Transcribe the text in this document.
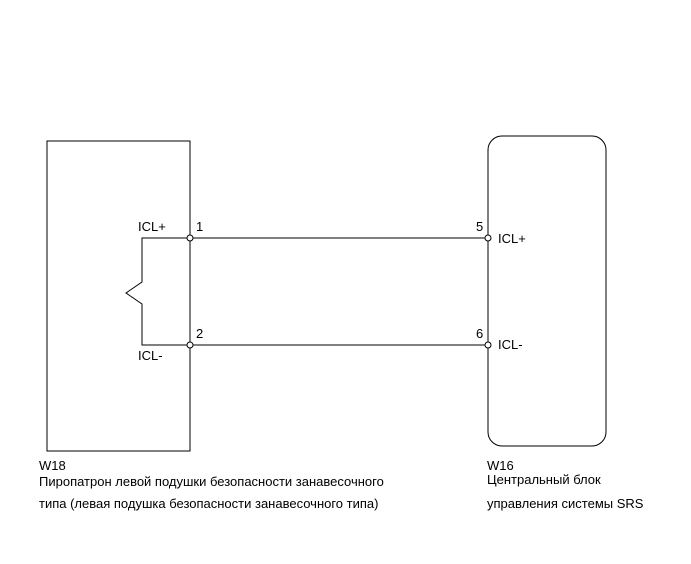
ICL+
ICL-
1
2
5
6
ICL+
ICL-
W18
Пиропатрон левой подушки безопасности занавесочного
типа (левая подушка безопасности занавесочного типа)
W16
Центральный блок
управления системы SRS
